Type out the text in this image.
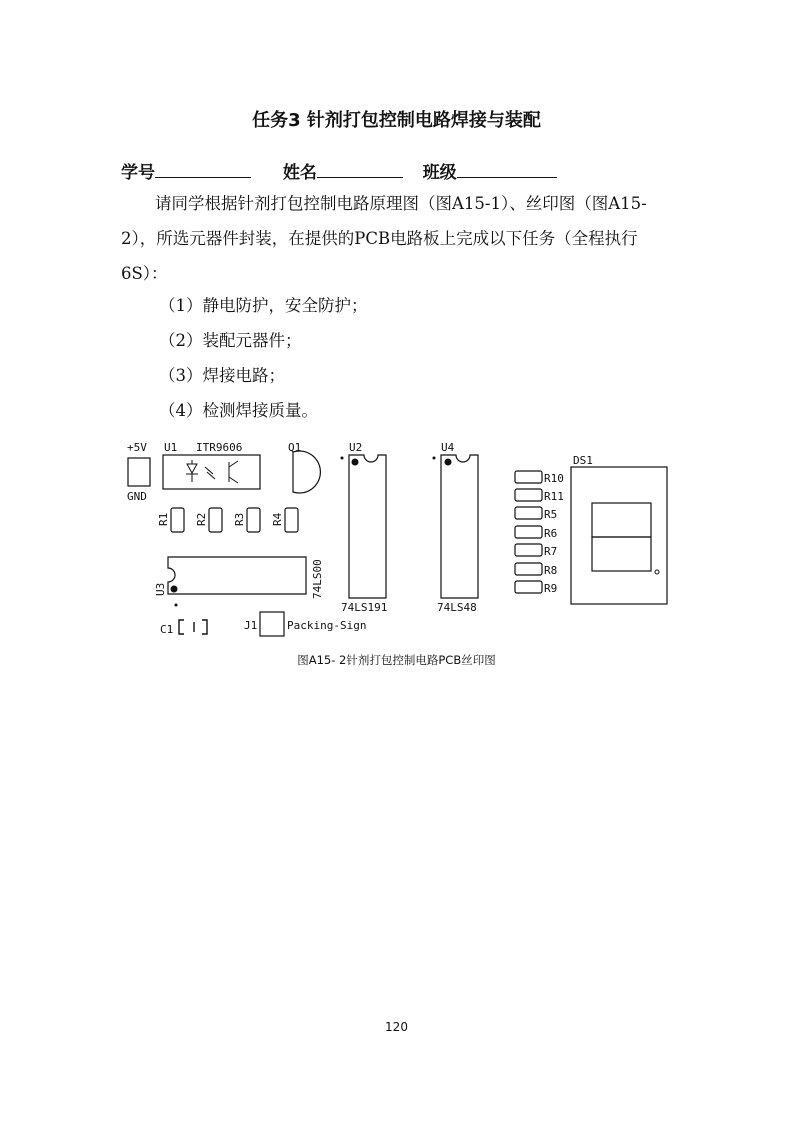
任务3 针剂打包控制电路焊接与装配
学号	姓名	班级
请同学根据针剂打包控制电路原理图（图A15-1）、丝印图（图A15-2），所选元器件封装，在提供的PCB电路板上完成以下任务（全程执行6S）：
（1）静电防护，安全防护；
（2）装配元器件；
（3）焊接电路；
（4）检测焊接质量。
+5V
GND
U1 ITR9606	Q1
R1 R2 R3 R4
U3	74LS00
C1	J1	Packing-Sign
U2
74LS191
U4
74LS48
R10
R11
R5
R6
R7
R8
R9
DS1
图A15- 2针剂打包控制电路PCB丝印图
120
